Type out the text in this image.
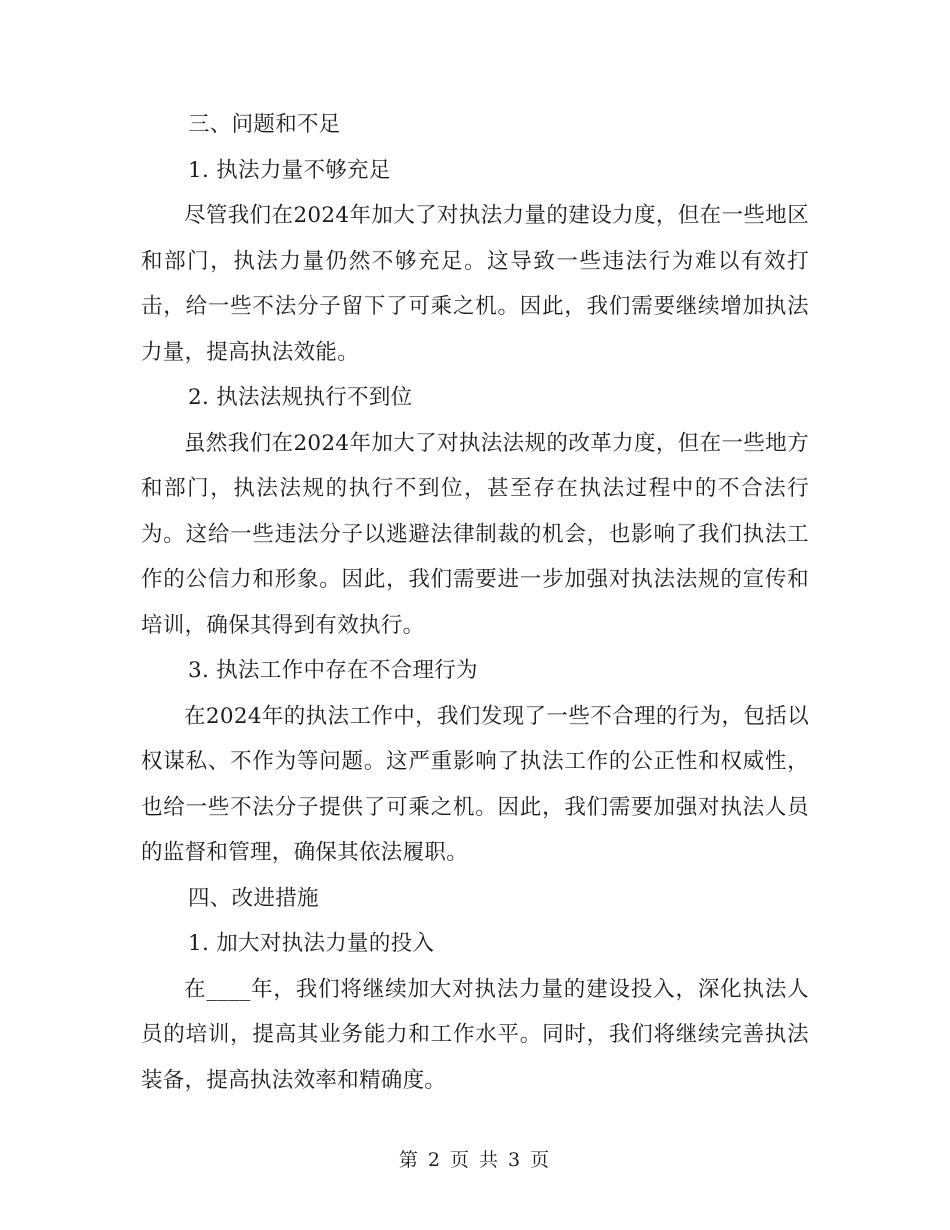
三、问题和不足

1. 执法力量不够充足

尽管我们在2024年加大了对执法力量的建设力度，但在一些地区和部门，执法力量仍然不够充足。这导致一些违法行为难以有效打击，给一些不法分子留下了可乘之机。因此，我们需要继续增加执法力量，提高执法效能。

2. 执法法规执行不到位

虽然我们在2024年加大了对执法法规的改革力度，但在一些地方和部门，执法法规的执行不到位，甚至存在执法过程中的不合法行为。这给一些违法分子以逃避法律制裁的机会，也影响了我们执法工作的公信力和形象。因此，我们需要进一步加强对执法法规的宣传和培训，确保其得到有效执行。

3. 执法工作中存在不合理行为

在2024年的执法工作中，我们发现了一些不合理的行为，包括以权谋私、不作为等问题。这严重影响了执法工作的公正性和权威性，也给一些不法分子提供了可乘之机。因此，我们需要加强对执法人员的监督和管理，确保其依法履职。

四、改进措施

1. 加大对执法力量的投入

在____年，我们将继续加大对执法力量的建设投入，深化执法人员的培训，提高其业务能力和工作水平。同时，我们将继续完善执法装备，提高执法效率和精确度。

第 2 页 共 3 页
